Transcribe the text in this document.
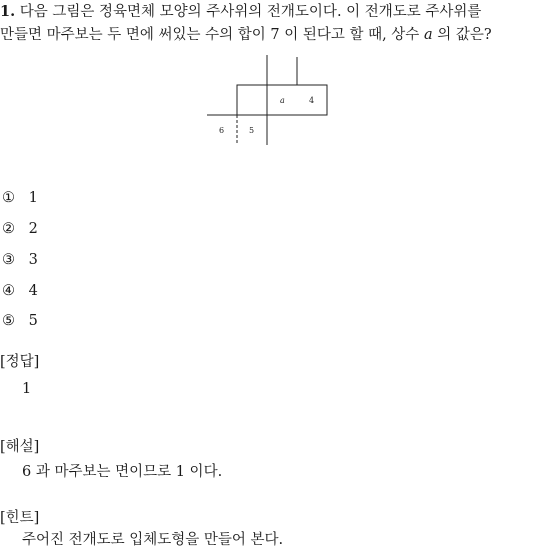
1. 다음 그림은 정육면체 모양의 주사위의 전개도이다. 이 전개도로 주사위를
만들면 마주보는 두 면에 써있는 수의 합이 7 이 된다고 할 때, 상수 a 의 값은?
a	4
6	5
① 1
② 2
③ 3
④ 4
⑤ 5
[정답]
1
[해설]
6 과 마주보는 면이므로 1 이다.
[힌트]
주어진 전개도로 입체도형을 만들어 본다.
